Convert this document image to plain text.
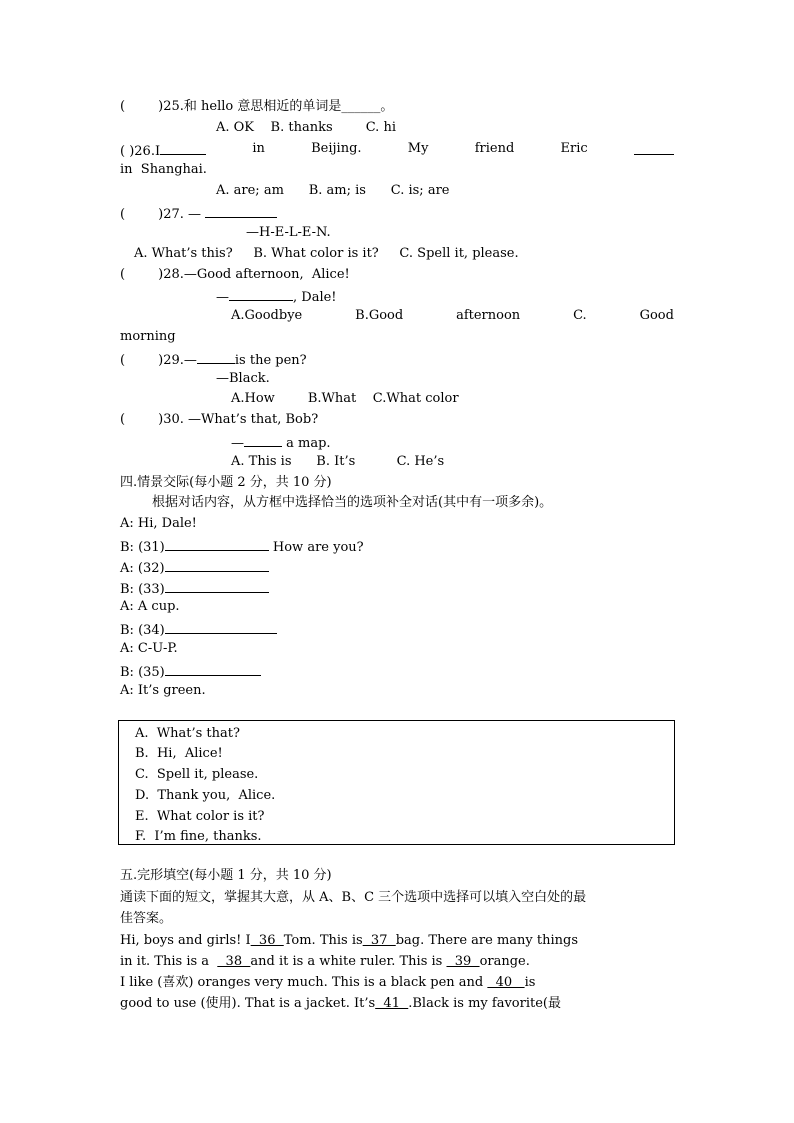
(        )25.和 hello 意思相近的单词是______。
A. OK    B. thanks        C. hi
( )26.I	in	Beijing.	My	friend	Eric
in  Shanghai.
A. are; am      B. am; is      C. is; are
(        )27. —
—H-E-L-E-N.
A. What’s this?     B. What color is it?     C. Spell it, please.
(        )28.—Good afternoon,  Alice!
—	, Dale!
A.Goodbye	B.Good	afternoon	C.	Good
morning
(        )29.—	is the pen?
—Black.
A.How        B.What    C.What color
(        )30. —What’s that, Bob?
—	a map.
A. This is      B. It’s          C. He’s
四.情景交际(每小题 2 分，共 10 分)
根据对话内容，从方框中选择恰当的选项补全对话(其中有一项多余)。
A: Hi, Dale!
B: (31)	How are you?
A: (32)
B: (33)
A: A cup.
B: (34)
A: C-U-P.
B: (35)
A: It’s green.
A.  What’s that?
B.  Hi,  Alice!
C.  Spell it, please.
D.  Thank you,  Alice.
E.  What color is it?
F.  I’m fine, thanks.
五.完形填空(每小题 1 分，共 10 分)
通读下面的短文，掌握其大意，从 A、B、C 三个选项中选择可以填入空白处的最
佳答案。
Hi, boys and girls! I  36  Tom. This is  37  bag. There are many things
in it. This is a    38  and it is a white ruler. This is   39  orange.
I like (喜欢) oranges very much. This is a black pen and   40   is
good to use (使用). That is a jacket. It’s  41  .Black is my favorite(最
